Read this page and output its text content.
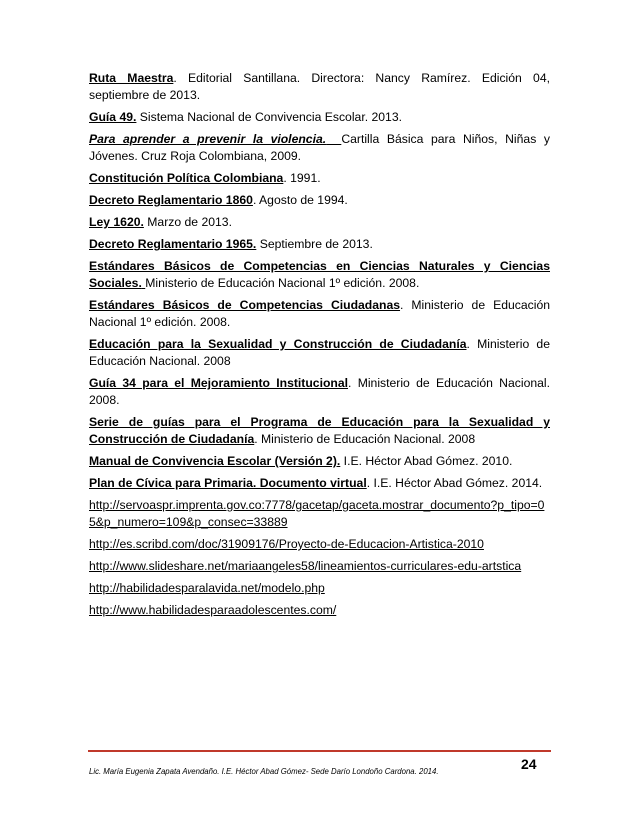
Ruta Maestra. Editorial Santillana. Directora: Nancy Ramírez. Edición 04, septiembre de 2013.

Guía 49. Sistema Nacional de Convivencia Escolar. 2013.

Para aprender a prevenir la violencia. Cartilla Básica para Niños, Niñas y Jóvenes. Cruz Roja Colombiana, 2009.

Constitución Política Colombiana. 1991.

Decreto Reglamentario 1860. Agosto de 1994.

Ley 1620. Marzo de 2013.

Decreto Reglamentario 1965. Septiembre de 2013.

Estándares Básicos de Competencias en Ciencias Naturales y Ciencias Sociales. Ministerio de Educación Nacional 1º edición. 2008.

Estándares Básicos de Competencias Ciudadanas. Ministerio de Educación Nacional 1º edición. 2008.

Educación para la Sexualidad y Construcción de Ciudadanía. Ministerio de Educación Nacional. 2008

Guía 34 para el Mejoramiento Institucional. Ministerio de Educación Nacional. 2008.

Serie de guías para el Programa de Educación para la Sexualidad y Construcción de Ciudadanía. Ministerio de Educación Nacional. 2008

Manual de Convivencia Escolar (Versión 2). I.E. Héctor Abad Gómez. 2010.

Plan de Cívica para Primaria. Documento virtual. I.E. Héctor Abad Gómez. 2014.

http://servoaspr.imprenta.gov.co:7778/gacetap/gaceta.mostrar_documento?p_tipo=05&p_numero=109&p_consec=33889

http://es.scribd.com/doc/31909176/Proyecto-de-Educacion-Artistica-2010

http://www.slideshare.net/mariaangeles58/lineamientos-curriculares-edu-artstica

http://habilidadesparalavida.net/modelo.php

http://www.habilidadesparaadolescentes.com/

Lic. María Eugenia Zapata Avendaño. I.E. Héctor Abad Gómez- Sede Darío Londoño Cardona. 2014.	24
